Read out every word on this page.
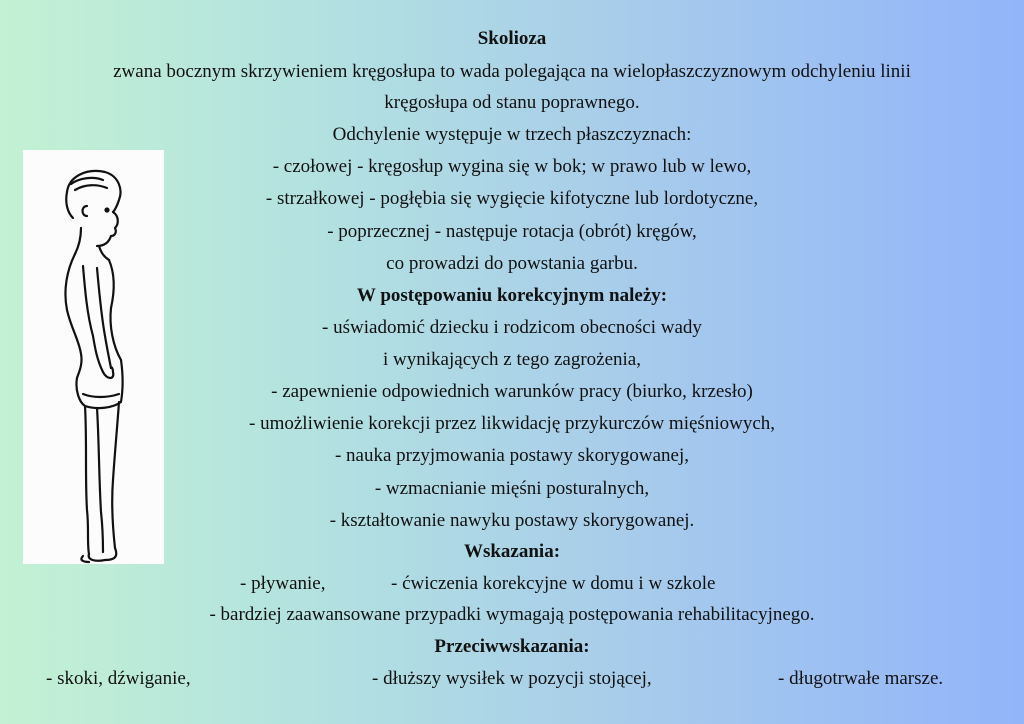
Skolioza
zwana bocznym skrzywieniem kręgosłupa to wada polegająca na wielopłaszczyznowym odchyleniu linii
kręgosłupa od stanu poprawnego.
Odchylenie występuje w trzech płaszczyznach:
- czołowej - kręgosłup wygina się w bok; w prawo lub w lewo,
- strzałkowej - pogłębia się wygięcie kifotyczne lub lordotyczne,
- poprzecznej - następuje rotacja (obrót) kręgów,
co prowadzi do powstania garbu.
W postępowaniu korekcyjnym należy:
- uświadomić dziecku i rodzicom obecności wady
i wynikających z tego zagrożenia,
- zapewnienie odpowiednich warunków pracy (biurko, krzesło)
- umożliwienie korekcji przez likwidację przykurczów mięśniowych,
- nauka przyjmowania postawy skorygowanej,
- wzmacnianie mięśni posturalnych,
- kształtowanie nawyku postawy skorygowanej.
Wskazania:
- pływanie,	- ćwiczenia korekcyjne w domu i w szkole
- bardziej zaawansowane przypadki wymagają postępowania rehabilitacyjnego.
Przeciwwskazania:
- skoki, dźwiganie,	- dłuższy wysiłek w pozycji stojącej,	- długotrwałe marsze.
